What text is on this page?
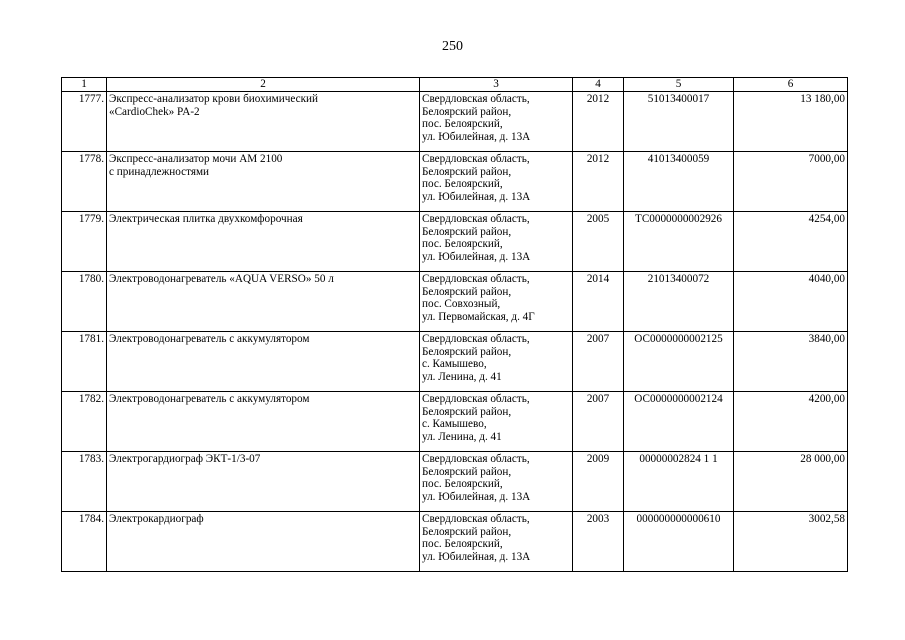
250
1	2	3	4	5	6
1777.	Экспресс-анализатор крови биохимический
«CardioChek» PA-2	Свердловская область,
Белоярский район,
пос. Белоярский,
ул. Юбилейная, д. 13А	2012	51013400017	13 180,00
1778.	Экспресс-анализатор мочи АМ 2100
с принадлежностями	Свердловская область,
Белоярский район,
пос. Белоярский,
ул. Юбилейная, д. 13А	2012	41013400059	7000,00
1779.	Электрическая плитка двухкомфорочная	Свердловская область,
Белоярский район,
пос. Белоярский,
ул. Юбилейная, д. 13А	2005	ТС0000000002926	4254,00
1780.	Электроводонагреватель «AQUA VERSO» 50 л	Свердловская область,
Белоярский район,
пос. Совхозный,
ул. Первомайская, д. 4Г	2014	21013400072	4040,00
1781.	Электроводонагреватель с аккумулятором	Свердловская область,
Белоярский район,
с. Камышево,
ул. Ленина, д. 41	2007	ОС0000000002125	3840,00
1782.	Электроводонагреватель с аккумулятором	Свердловская область,
Белоярский район,
с. Камышево,
ул. Ленина, д. 41	2007	ОС0000000002124	4200,00
1783.	Электрогардиограф ЭКТ-1/3-07	Свердловская область,
Белоярский район,
пос. Белоярский,
ул. Юбилейная, д. 13А	2009	00000002824 1 1	28 000,00
1784.	Электрокардиограф	Свердловская область,
Белоярский район,
пос. Белоярский,
ул. Юбилейная, д. 13А	2003	000000000000610	3002,58
